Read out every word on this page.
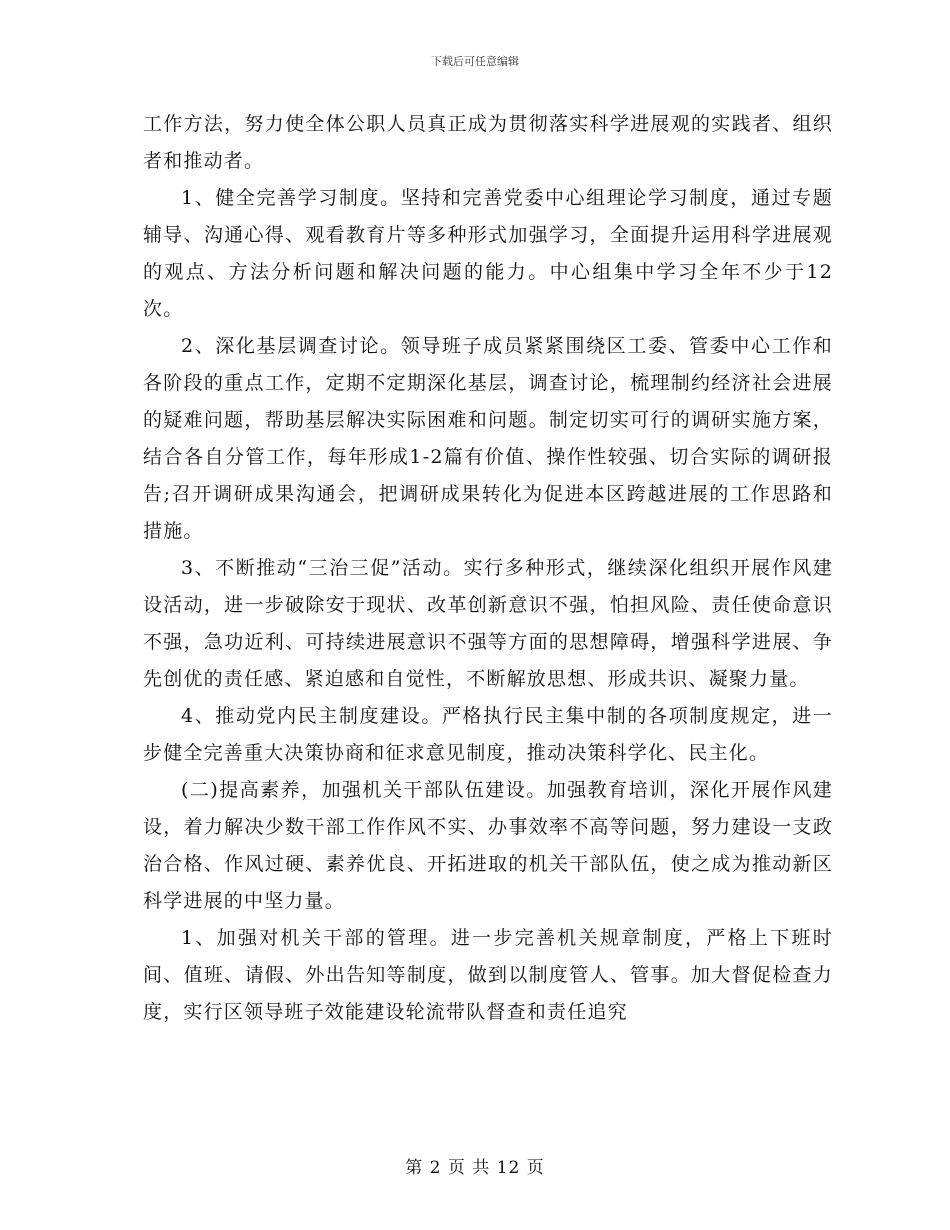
下载后可任意编辑

工作方法，努力使全体公职人员真正成为贯彻落实科学进展观的实践者、组织者和推动者。

1、健全完善学习制度。坚持和完善党委中心组理论学习制度，通过专题辅导、沟通心得、观看教育片等多种形式加强学习，全面提升运用科学进展观的观点、方法分析问题和解决问题的能力。中心组集中学习全年不少于12次。

2、深化基层调查讨论。领导班子成员紧紧围绕区工委、管委中心工作和各阶段的重点工作，定期不定期深化基层，调查讨论，梳理制约经济社会进展的疑难问题，帮助基层解决实际困难和问题。制定切实可行的调研实施方案，结合各自分管工作，每年形成1-2篇有价值、操作性较强、切合实际的调研报告;召开调研成果沟通会，把调研成果转化为促进本区跨越进展的工作思路和措施。

3、不断推动“三治三促”活动。实行多种形式，继续深化组织开展作风建设活动，进一步破除安于现状、改革创新意识不强，怕担风险、责任使命意识不强，急功近利、可持续进展意识不强等方面的思想障碍，增强科学进展、争先创优的责任感、紧迫感和自觉性，不断解放思想、形成共识、凝聚力量。

4、推动党内民主制度建设。严格执行民主集中制的各项制度规定，进一步健全完善重大决策协商和征求意见制度，推动决策科学化、民主化。

(二)提高素养，加强机关干部队伍建设。加强教育培训，深化开展作风建设，着力解决少数干部工作作风不实、办事效率不高等问题，努力建设一支政治合格、作风过硬、素养优良、开拓进取的机关干部队伍，使之成为推动新区科学进展的中坚力量。

1、加强对机关干部的管理。进一步完善机关规章制度，严格上下班时间、值班、请假、外出告知等制度，做到以制度管人、管事。加大督促检查力度，实行区领导班子效能建设轮流带队督查和责任追究

第 2 页 共 12 页
